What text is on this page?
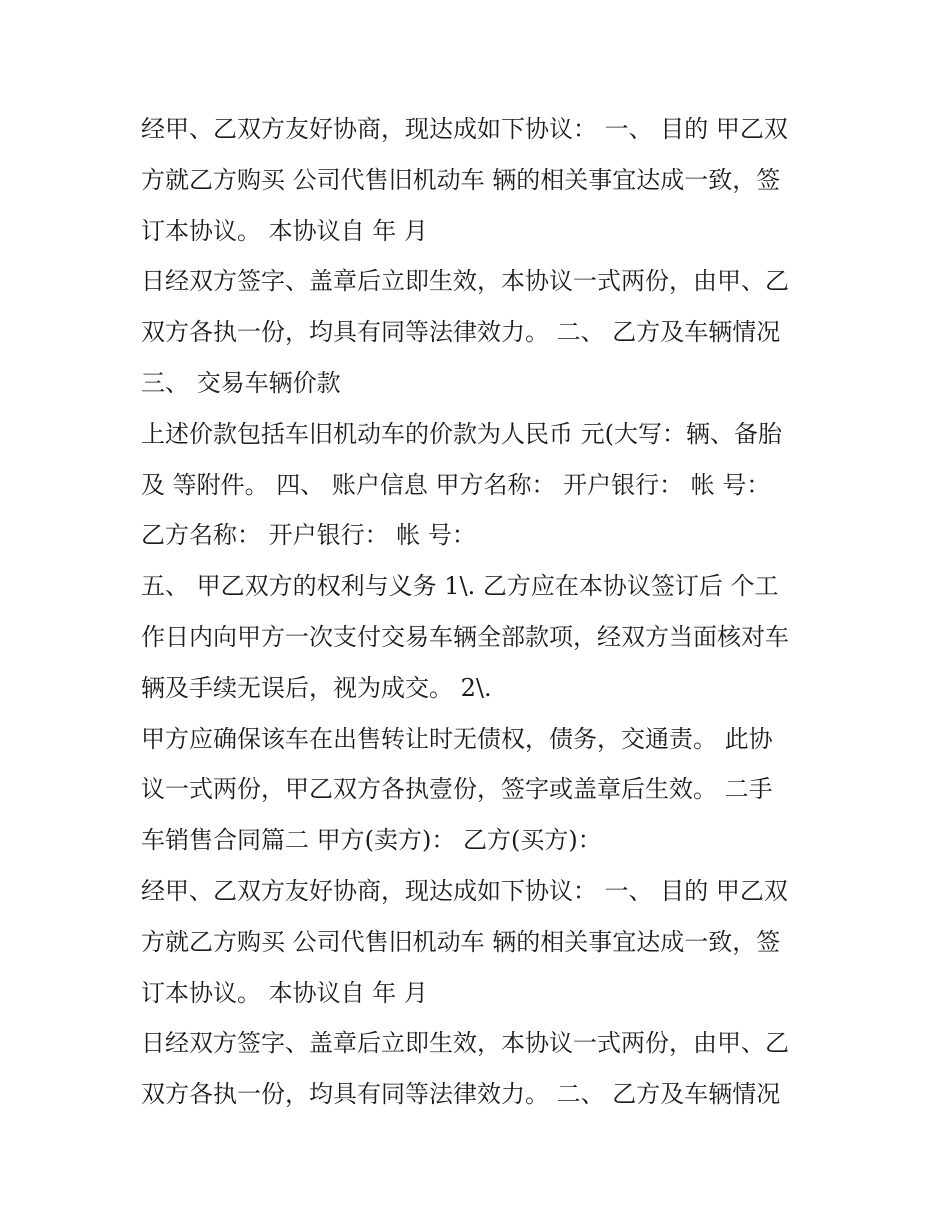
经甲、乙双方友好协商，现达成如下协议： 一、 目的 甲乙双
方就乙方购买 公司代售旧机动车 辆的相关事宜达成一致，签
订本协议。 本协议自 年 月
日经双方签字、盖章后立即生效，本协议一式两份，由甲、乙
双方各执一份，均具有同等法律效力。 二、 乙方及车辆情况
三、 交易车辆价款
上述价款包括车旧机动车的价款为人民币 元(大写：辆、备胎
及 等附件。 四、 账户信息 甲方名称： 开户银行： 帐 号：
乙方名称： 开户银行： 帐 号：
五、 甲乙双方的权利与义务 1\. 乙方应在本协议签订后 个工
作日内向甲方一次支付交易车辆全部款项，经双方当面核对车
辆及手续无误后，视为成交。 2\.
甲方应确保该车在出售转让时无债权，债务，交通责。 此协
议一式两份，甲乙双方各执壹份，签字或盖章后生效。 二手
车销售合同篇二 甲方(卖方)： 乙方(买方)：
经甲、乙双方友好协商，现达成如下协议： 一、 目的 甲乙双
方就乙方购买 公司代售旧机动车 辆的相关事宜达成一致，签
订本协议。 本协议自 年 月
日经双方签字、盖章后立即生效，本协议一式两份，由甲、乙
双方各执一份，均具有同等法律效力。 二、 乙方及车辆情况
